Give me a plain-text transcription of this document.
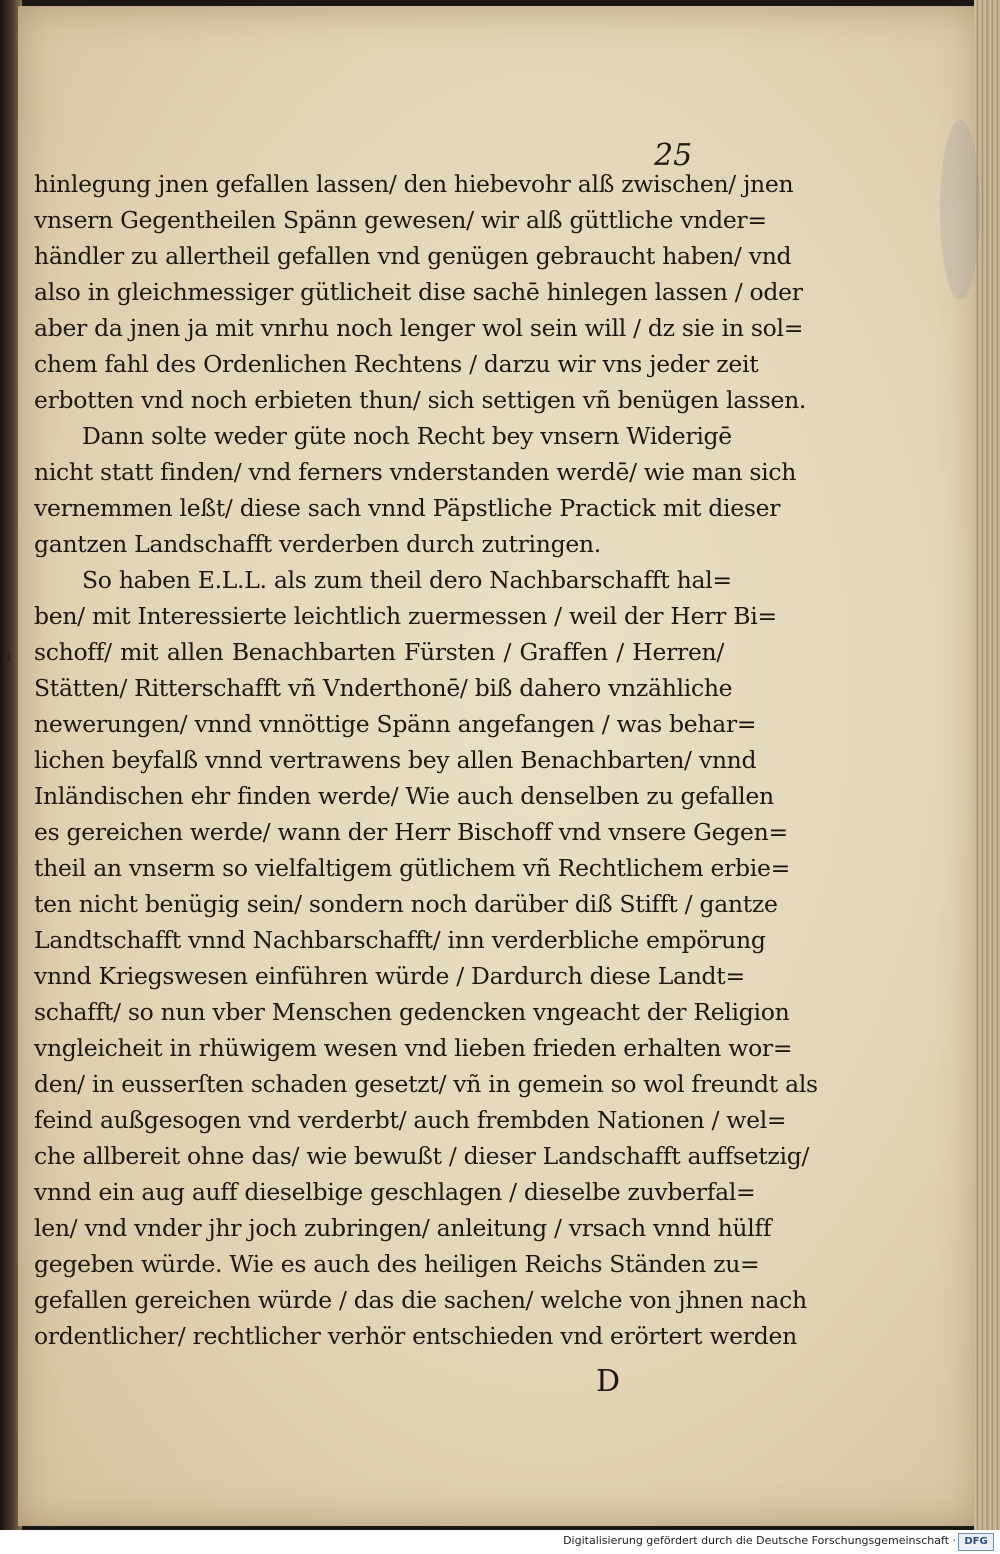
a
i
25
hinlegung jnen gefallen lassen/ den hiebevohr alß zwischen/ jnen
vnsern Gegentheilen Spänn gewesen/ wir alß güttliche vnder=
händler zu allertheil gefallen vnd genügen gebraucht haben/ vnd
also in gleichmessiger gütlicheit dise sachē hinlegen lassen / oder
aber da jnen ja mit vnrhu noch lenger wol sein will / dz sie in sol=
chem fahl des Ordenlichen Rechtens / darzu wir vns jeder zeit
erbotten vnd noch erbieten thun/ sich settigen vñ benügen lassen.
Dann solte weder güte noch Recht bey vnsern Widerigē
nicht statt finden/ vnd ferners vnderstanden werdē/ wie man sich
vernemmen leßt/ diese sach vnnd Päpstliche Practick mit dieser
gantzen Landschafft verderben durch zutringen.
So haben E.L.L. als zum theil dero Nachbarschafft hal=
ben/ mit Interessierte leichtlich zuermessen / weil der Herr Bi=
schoff/ mit allen Benachbarten Fürsten / Graffen / Herren/
Stätten/ Ritterschafft vñ Vnderthonē/ biß dahero vnzähliche
newerungen/ vnnd vnnöttige Spänn angefangen / was behar=
lichen beyfalß vnnd vertrawens bey allen Benachbarten/ vnnd
Inländischen ehr finden werde/ Wie auch denselben zu gefallen
es gereichen werde/ wann der Herr Bischoff vnd vnsere Gegen=
theil an vnserm so vielfaltigem gütlichem vñ Rechtlichem erbie=
ten nicht benügig sein/ sondern noch darüber diß Stifft / gantze
Landtschafft vnnd Nachbarschafft/ inn verderbliche empörung
vnnd Kriegswesen einführen würde / Dardurch diese Landt=
schafft/ so nun vber Menschen gedencken vngeacht der Religion
vngleicheit in rhüwigem wesen vnd lieben frieden erhalten wor=
den/ in eusserſten schaden gesetzt/ vñ in gemein so wol freundt als
feind außgesogen vnd verderbt/ auch frembden Nationen / wel=
che allbereit ohne das/ wie bewußt / dieser Landschafft auffsetzig/
vnnd ein aug auff dieselbige geschlagen / dieselbe zuvberfal=
len/ vnd vnder jhr joch zubringen/ anleitung / vrsach vnnd hülff
gegeben würde. Wie es auch des heiligen Reichs Ständen zu=
gefallen gereichen würde / das die sachen/ welche von jhnen nach
ordentlicher/ rechtlicher verhör entschieden vnd erörtert werden
D
Digitalisierung gefördert durch die Deutsche Forschungsgemeinschaft · DFG
